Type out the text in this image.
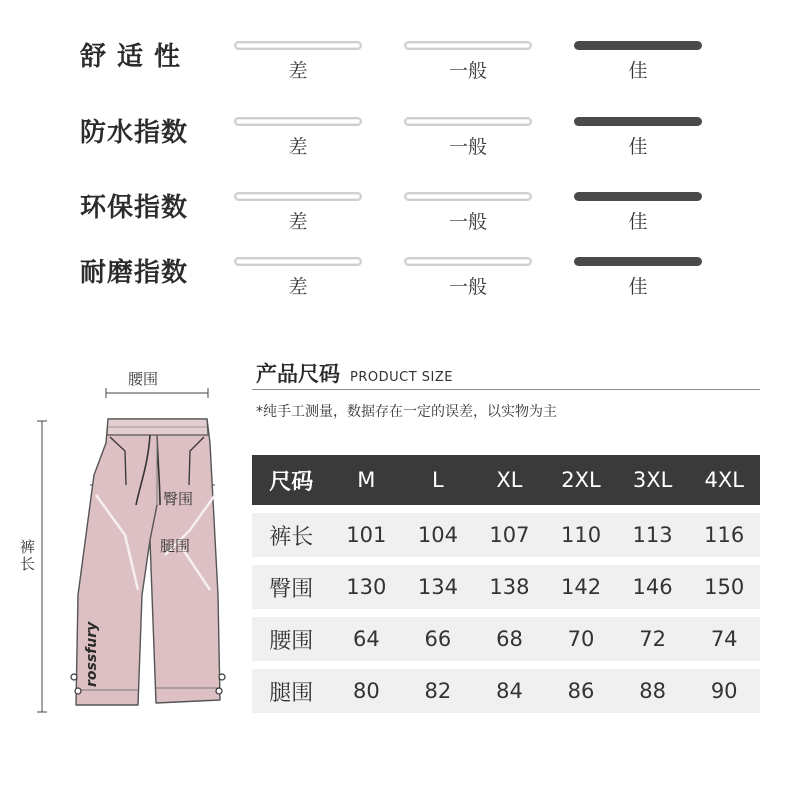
舒适性	差	一般	佳
防水指数	差	一般	佳
环保指数	差	一般	佳
耐磨指数	差	一般	佳
rossfury
腰围
臀围
腿围
裤长
产品尺码 PRODUCT SIZE
*纯手工测量，数据存在一定的误差，以实物为主
尺码	M	L	XL	2XL	3XL	4XL
裤长	101	104	107	110	113	116
臀围	130	134	138	142	146	150
腰围	64	66	68	70	72	74
腿围	80	82	84	86	88	90
